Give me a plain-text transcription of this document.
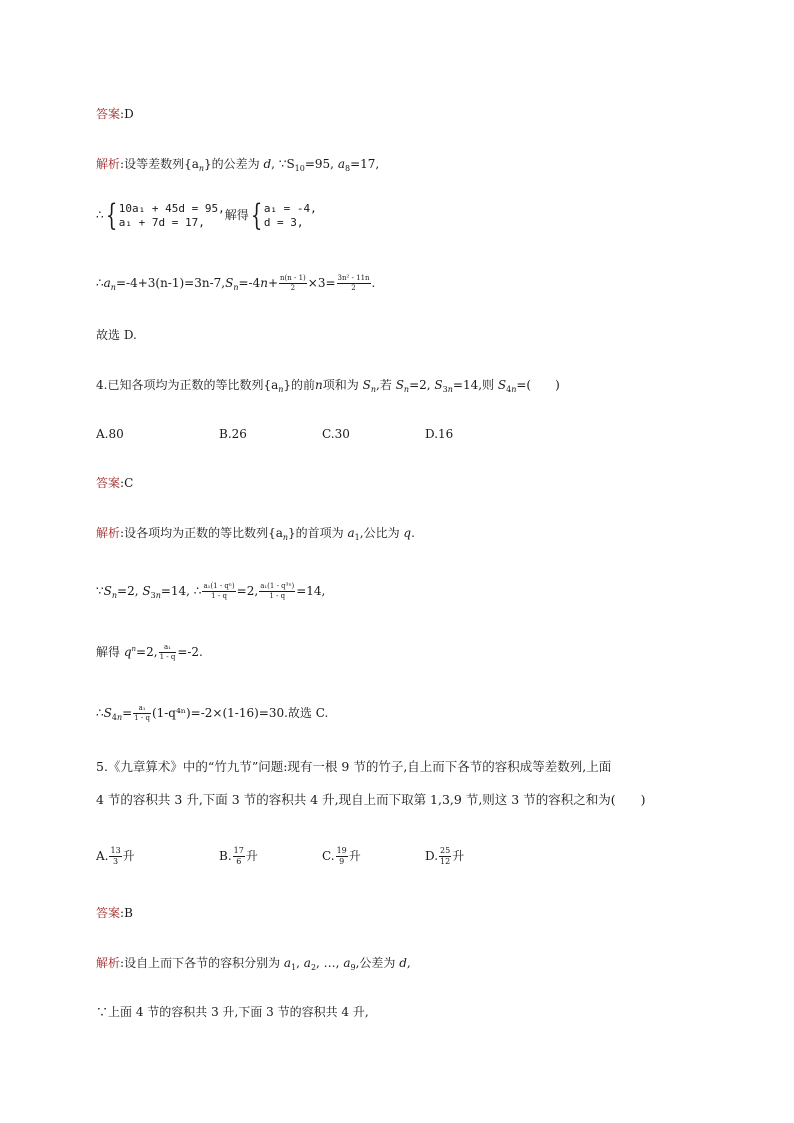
答案:D
解析:设等差数列$\{a_n\}$的公差为 d, $\because S_{10}=95$, $a_8=17$,
∴{ 10a₁ + 45d = 95,
a₁ + 7d = 17, 解得{ a₁ = -4,
d = 3,
$\therefore a_n=-4+3(n-1)=3n-7,S_n=-4n+ \frac{n(n - 1)}{2} \times 3= \frac{\text{3n² - 11n}}{2}$ .
故选 D.
4.已知各项均为正数的等比数列$\{a_n\}$的前n项和为 $S_n$,若 $S_n=2$, $S_{3n}=14$,则 $S_{4n}=$(　　)
A.80	B.26	C.30	D.16
答案:C
解析:设各项均为正数的等比数列$\{a_n\}$的首项为 $a_1$,公比为 q.
$\because S_n=2$, $S_{3n}=14$, ∴ $\frac{\text{a₁(1 - qⁿ)}}{1 - q} =2$, $\frac{\text{a₁(1 - q³ⁿ)}}{1 - q} =14$,
解得 $q^n=2$, $\frac{\text{a₁}}{1 - q} =-2$.
$\therefore S_{4n}= \frac{\text{a₁}}{1 - q} (1-q^{4n})=-2\times(1-16)=30$.故选 C.
5.《九章算术》中的“竹九节”问题:现有一根 9 节的竹子,自上而下各节的容积成等差数列,上面
4 节的容积共 3 升,下面 3 节的容积共 4 升,现自上而下取第 1,3,9 节,则这 3 节的容积之和为(　　)
A. $\frac{13}{3}$ 升	B. $\frac{17}{6}$ 升	C. $\frac{19}{9}$ 升	D. $\frac{25}{12}$ 升
答案:B
解析:设自上而下各节的容积分别为 $a_1$, $a_2$, …, $a_9$,公差为 d,
∵上面 4 节的容积共 3 升,下面 3 节的容积共 4 升,
